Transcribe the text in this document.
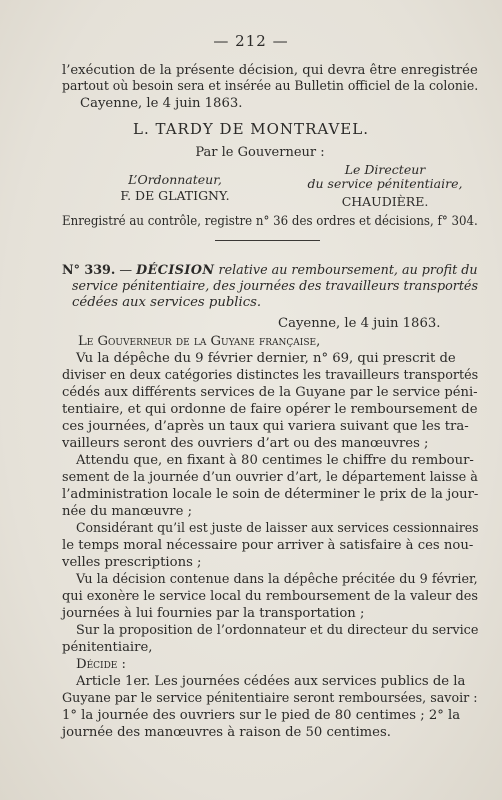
— 212 —
l’exécution de la présente décision, qui devra être enregistrée
partout où besoin sera et insérée au Bulletin officiel de la colonie.
Cayenne, le 4 juin 1863.
L. TARDY DE MONTRAVEL.
Par le Gouverneur :
L’Ordonnateur,
F. DE GLATIGNY.
Le Directeur
du service pénitentiaire,
CHAUDIÈRE.
Enregistré au contrôle, registre n° 36 des ordres et décisions, f° 304.
N° 339. — DÉCISION relative au remboursement, au profit du
service pénitentiaire, des journées des travailleurs transportés
cédées aux services publics.
Cayenne, le 4 juin 1863.
Le Gouverneur de la Guyane française,
Vu la dépêche du 9 février dernier, n° 69, qui prescrit de
diviser en deux catégories distinctes les travailleurs transportés
cédés aux différents services de la Guyane par le service péni-
tentiaire, et qui ordonne de faire opérer le remboursement de
ces journées, d’après un taux qui variera suivant que les tra-
vailleurs seront des ouvriers d’art ou des manœuvres ;
Attendu que, en fixant à 80 centimes le chiffre du rembour-
sement de la journée d’un ouvrier d’art, le département laisse à
l’administration locale le soin de déterminer le prix de la jour-
née du manœuvre ;
Considérant qu’il est juste de laisser aux services cessionnaires
le temps moral nécessaire pour arriver à satisfaire à ces nou-
velles prescriptions ;
Vu la décision contenue dans la dépêche précitée du 9 février,
qui exonère le service local du remboursement de la valeur des
journées à lui fournies par la transportation ;
Sur la proposition de l’ordonnateur et du directeur du service
pénitentiaire,
Décide :
Article 1er. Les journées cédées aux services publics de la
Guyane par le service pénitentiaire seront remboursées, savoir :
1° la journée des ouvriers sur le pied de 80 centimes ; 2° la
journée des manœuvres à raison de 50 centimes.
